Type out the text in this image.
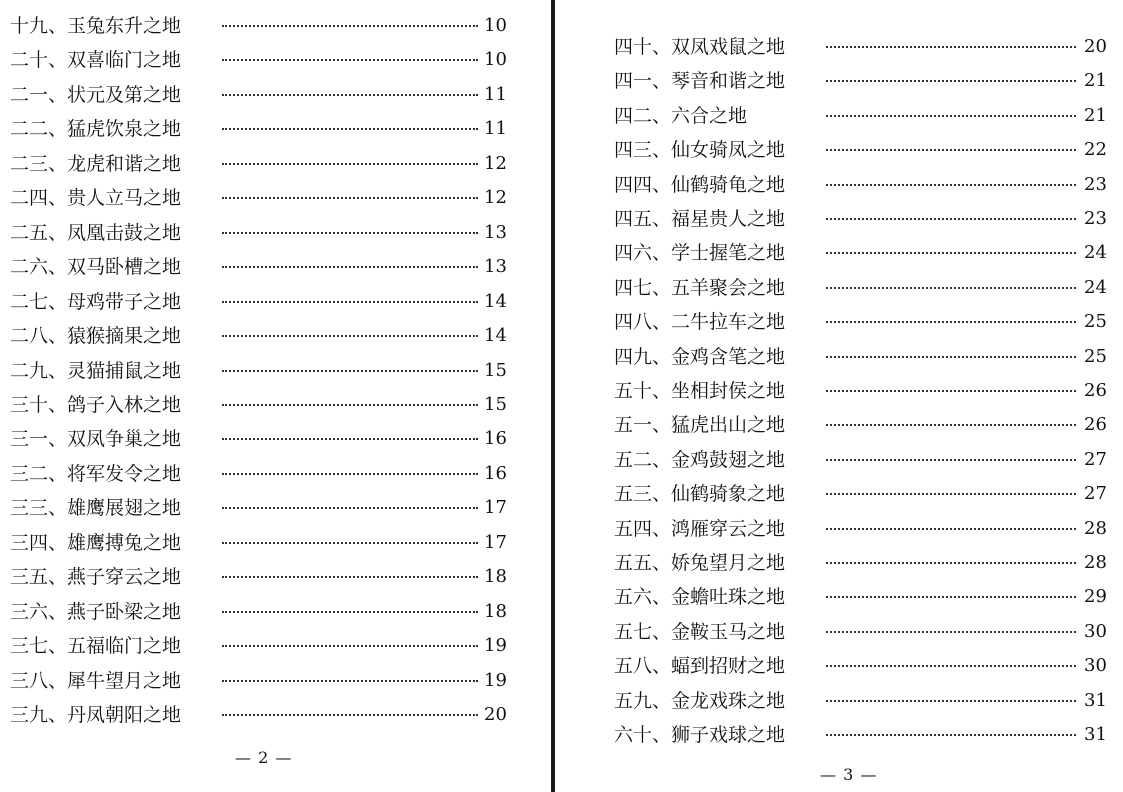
十九、玉兔东升之地	10
二十、双喜临门之地	10
二一、状元及第之地	11
二二、猛虎饮泉之地	11
二三、龙虎和谐之地	12
二四、贵人立马之地	12
二五、凤凰击鼓之地	13
二六、双马卧槽之地	13
二七、母鸡带子之地	14
二八、猿猴摘果之地	14
二九、灵猫捕鼠之地	15
三十、鸽子入林之地	15
三一、双凤争巢之地	16
三二、将军发令之地	16
三三、雄鹰展翅之地	17
三四、雄鹰搏兔之地	17
三五、燕子穿云之地	18
三六、燕子卧梁之地	18
三七、五福临门之地	19
三八、犀牛望月之地	19
三九、丹凤朝阳之地	20
— 2 —
四十、双凤戏鼠之地	20
四一、琴音和谐之地	21
四二、六合之地	21
四三、仙女骑凤之地	22
四四、仙鹤骑龟之地	23
四五、福星贵人之地	23
四六、学士握笔之地	24
四七、五羊聚会之地	24
四八、二牛拉车之地	25
四九、金鸡含笔之地	25
五十、坐相封侯之地	26
五一、猛虎出山之地	26
五二、金鸡鼓翅之地	27
五三、仙鹤骑象之地	27
五四、鸿雁穿云之地	28
五五、娇兔望月之地	28
五六、金蟾吐珠之地	29
五七、金鞍玉马之地	30
五八、蝠到招财之地	30
五九、金龙戏珠之地	31
六十、狮子戏球之地	31
— 3 —
